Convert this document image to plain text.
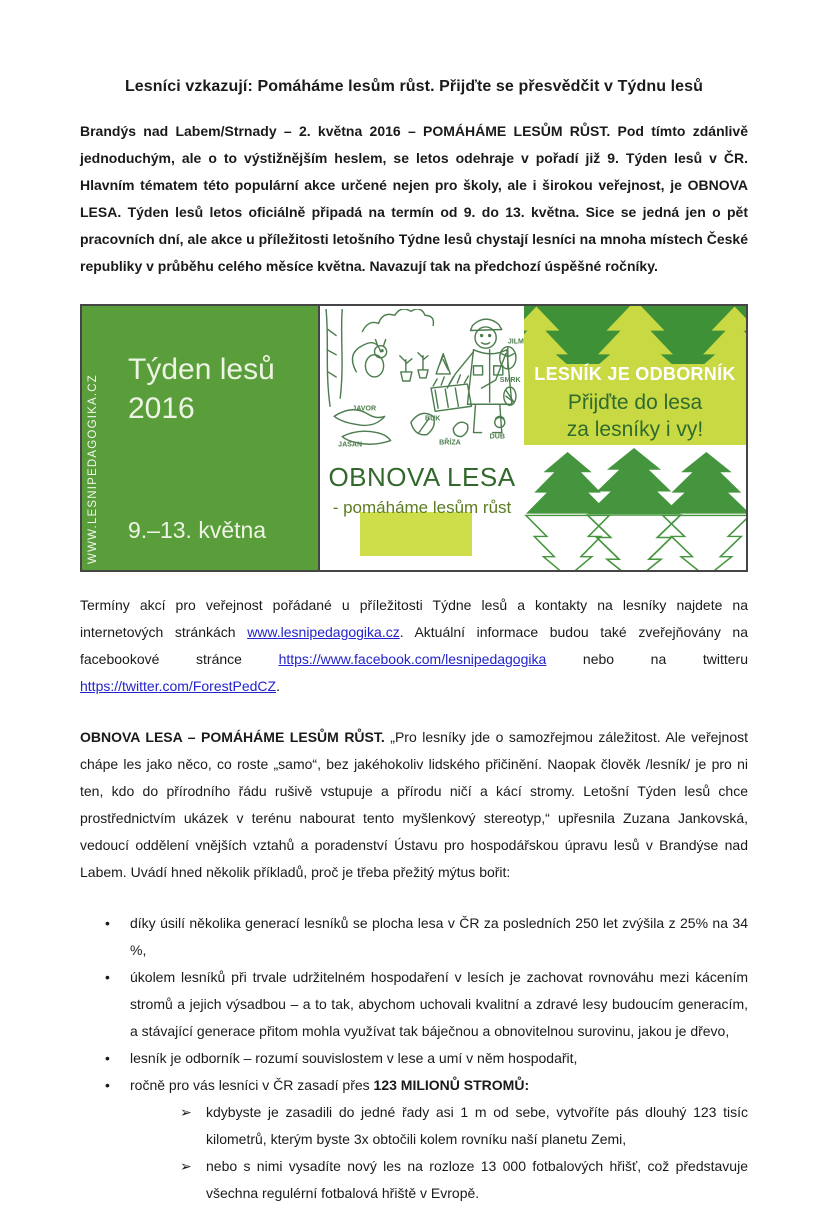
Lesníci vzkazují: Pomáháme lesům růst. Přijďte se přesvědčit v Týdnu lesů

Brandýs nad Labem/Strnady – 2. května 2016 – POMÁHÁME LESŮM RŮST. Pod tímto zdánlivě jednoduchým, ale o to výstižnějším heslem, se letos odehraje v pořadí již 9. Týden lesů v ČR. Hlavním tématem této populární akce určené nejen pro školy, ale i širokou veřejnost, je OBNOVA LESA. Týden lesů letos oficiálně připadá na termín od 9. do 13. května. Sice se jedná jen o pět pracovních dní, ale akce u příležitosti letošního Týdne lesů chystají lesníci na mnoha místech České republiky v průběhu celého měsíce května. Navazují tak na předchozí úspěšné ročníky.

WWW.LESNIPEDAGOGIKA.CZ
Týden lesů
2016
9.–13. května
JAVOR
JASAN
BUK
BŘÍZA
DUB
SMRK
JILM
OBNOVA LESA
- pomáháme lesům růst
LESNÍK JE ODBORNÍK
Přijďte do lesa
za lesníky i vy!

Termíny akcí pro veřejnost pořádané u příležitosti Týdne lesů a kontakty na lesníky najdete na internetových stránkách www.lesnipedagogika.cz. Aktuální informace budou také zveřejňovány na facebookové stránce https://www.facebook.com/lesnipedagogika nebo na twitteru https://twitter.com/ForestPedCZ.

OBNOVA LESA – POMÁHÁME LESŮM RŮST. „Pro lesníky jde o samozřejmou záležitost. Ale veřejnost chápe les jako něco, co roste „samo“, bez jakéhokoliv lidského přičinění. Naopak člověk /lesník/ je pro ni ten, kdo do přírodního řádu rušivě vstupuje a přírodu ničí a kácí stromy. Letošní Týden lesů chce prostřednictvím ukázek v terénu nabourat tento myšlenkový stereotyp,“ upřesnila Zuzana Jankovská, vedoucí oddělení vnějších vztahů a poradenství Ústavu pro hospodářskou úpravu lesů v Brandýse nad Labem. Uvádí hned několik příkladů, proč je třeba přežitý mýtus bořit:

•	díky úsilí několika generací lesníků se plocha lesa v ČR za posledních 250 let zvýšila z 25% na 34 %,
•	úkolem lesníků při trvale udržitelném hospodaření v lesích je zachovat rovnováhu mezi kácením stromů a jejich výsadbou – a to tak, abychom uchovali kvalitní a zdravé lesy budoucím generacím, a stávající generace přitom mohla využívat tak báječnou a obnovitelnou surovinu, jakou je dřevo,
•	lesník je odborník – rozumí souvislostem v lese a umí v něm hospodařit,
•	ročně pro vás lesníci v ČR zasadí přes 123 MILIONŮ STROMŮ:
➢	kdybyste je zasadili do jedné řady asi 1 m od sebe, vytvoříte pás dlouhý 123 tisíc kilometrů, kterým byste 3x obtočili kolem rovníku naší planetu Zemi,
➢	nebo s nimi vysadíte nový les na rozloze 13 000 fotbalových hřišť, což představuje všechna regulérní fotbalová hřiště v Evropě.
